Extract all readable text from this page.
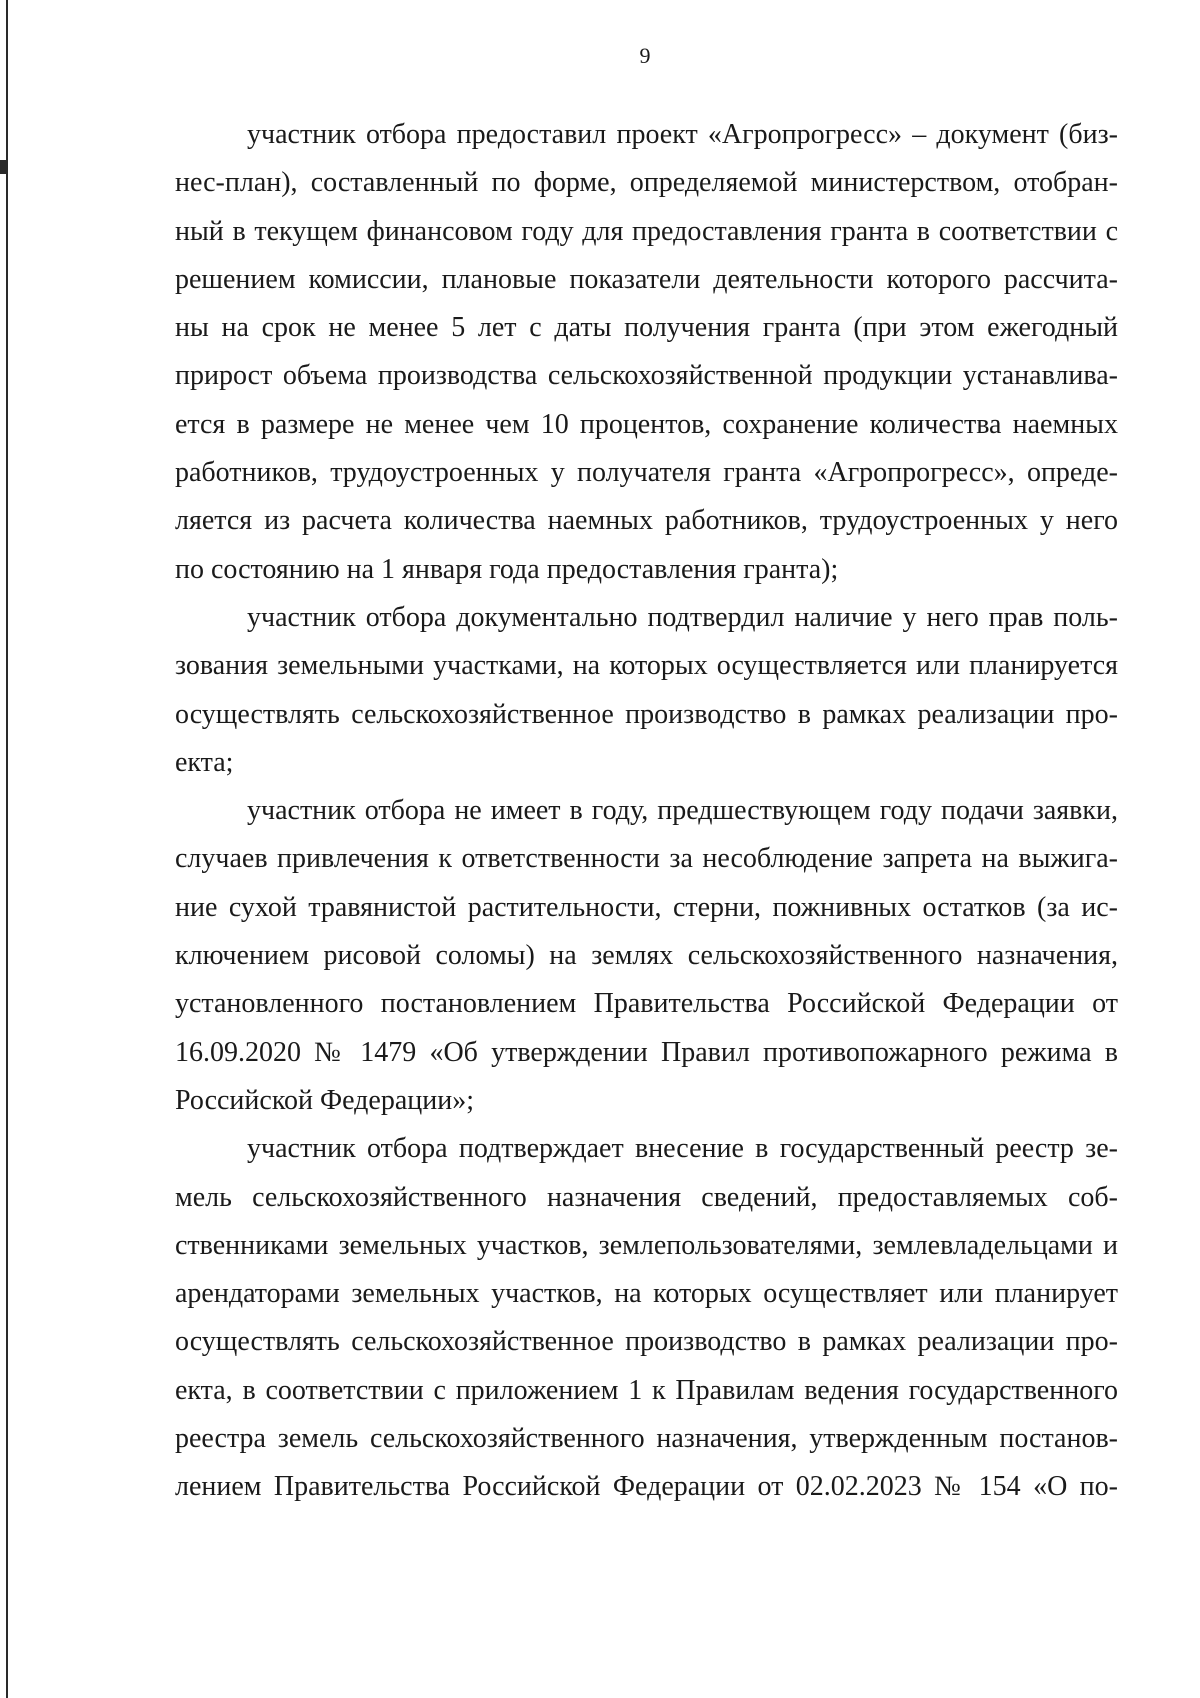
9
участник отбора предоставил проект «Агропрогресс» – документ (биз-
нес-план), составленный по форме, определяемой министерством, отобран-
ный в текущем финансовом году для предоставления гранта в соответствии с
решением комиссии, плановые показатели деятельности которого рассчита-
ны на срок не менее 5 лет с даты получения гранта (при этом ежегодный
прирост объема производства сельскохозяйственной продукции устанавлива-
ется в размере не менее чем 10 процентов, сохранение количества наемных
работников, трудоустроенных у получателя гранта «Агропрогресс», опреде-
ляется из расчета количества наемных работников, трудоустроенных у него
по состоянию на 1 января года предоставления гранта);
участник отбора документально подтвердил наличие у него прав поль-
зования земельными участками, на которых осуществляется или планируется
осуществлять сельскохозяйственное производство в рамках реализации про-
екта;
участник отбора не имеет в году, предшествующем году подачи заявки,
случаев привлечения к ответственности за несоблюдение запрета на выжига-
ние сухой травянистой растительности, стерни, пожнивных остатков (за ис-
ключением рисовой соломы) на землях сельскохозяйственного назначения,
установленного постановлением Правительства Российской Федерации от
16.09.2020 № 1479 «Об утверждении Правил противопожарного режима в
Российской Федерации»;
участник отбора подтверждает внесение в государственный реестр зе-
мель сельскохозяйственного назначения сведений, предоставляемых соб-
ственниками земельных участков, землепользователями, землевладельцами и
арендаторами земельных участков, на которых осуществляет или планирует
осуществлять сельскохозяйственное производство в рамках реализации про-
екта, в соответствии с приложением 1 к Правилам ведения государственного
реестра земель сельскохозяйственного назначения, утвержденным постанов-
лением Правительства Российской Федерации от 02.02.2023 № 154 «О по-
